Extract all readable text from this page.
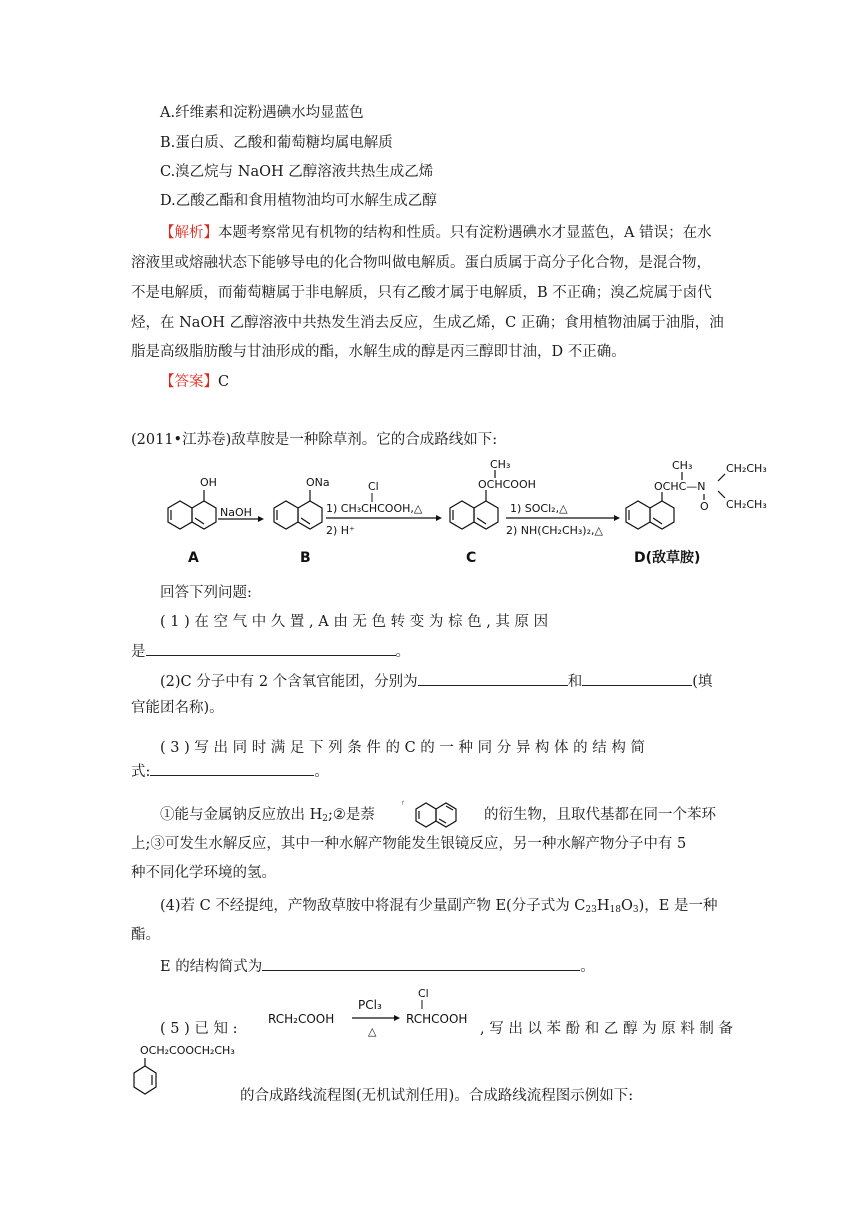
A.纤维素和淀粉遇碘水均显蓝色
B.蛋白质、乙酸和葡萄糖均属电解质
C.溴乙烷与 NaOH 乙醇溶液共热生成乙烯
D.乙酸乙酯和食用植物油均可水解生成乙醇
【解析】本题考察常见有机物的结构和性质。只有淀粉遇碘水才显蓝色，A 错误；在水
溶液里或熔融状态下能够导电的化合物叫做电解质。蛋白质属于高分子化合物，是混合物，
不是电解质，而葡萄糖属于非电解质，只有乙酸才属于电解质，B 不正确；溴乙烷属于卤代
烃，在 NaOH 乙醇溶液中共热发生消去反应，生成乙烯，C 正确；食用植物油属于油脂，油
脂是高级脂肪酸与甘油形成的酯，水解生成的醇是丙三醇即甘油，D 不正确。
【答案】C
(2011•江苏卷)敌草胺是一种除草剂。它的合成路线如下:
OH
NaOH
A
ONa	Cl
1) CH₃CHCOOH,△
2) H⁺
B
CH₃
OCHCOOH
1) SOCl₂,△
2) NH(CH₂CH₃)₂,△
C
CH₃
OCHC—N
O
CH₂CH₃
CH₂CH₃
D(敌草胺)
回答下列问题:
( 1 ) 在 空 气 中 久 置 , A 由 无 色 转 变 为 棕 色 , 其 原 因
是	。
(2)C 分子中有 2 个含氧官能团，分别为	和	(填
官能团名称)。
( 3 ) 写 出 同 时 满 足 下 列 条 件 的 C 的 一 种 同 分 异 构 体 的 结 构 简
式:	。
①能与金属钠反应放出 $H_2;②$是萘	的衍生物，且取代基都在同一个苯环
上;③可发生水解反应，其中一种水解产物能发生银镜反应，另一种水解产物分子中有 5
种不同化学环境的氢。
(4)若 C 不经提纯，产物敌草胺中将混有少量副产物 E(分子式为 $C_{23}H_{18}O_3$)，E 是一种
酯。
E 的结构简式为	。
( 5 ) 已 知 :
RCH₂COOH
PCl₃
△
Cl
RCHCOOH
, 写 出 以 苯 酚 和 乙 醇 为 原 料 制 备
OCH₂COOCH₂CH₃
的合成路线流程图(无机试剂任用)。合成路线流程图示例如下:
